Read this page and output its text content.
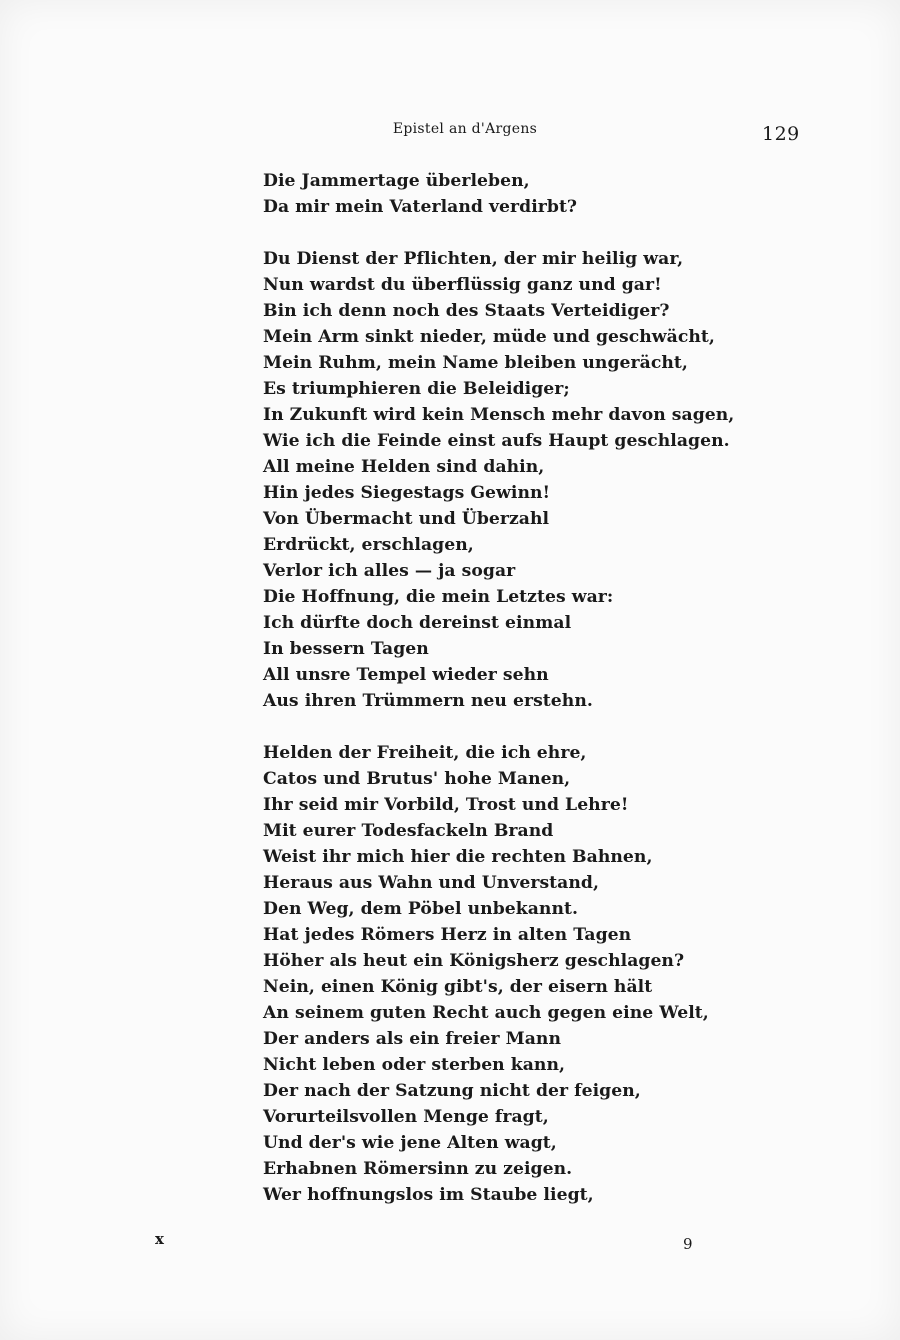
Epistel an d'Argens	129
Die Jammertage überleben,
Da mir mein Vaterland verdirbt?
Du Dienst der Pflichten, der mir heilig war,
Nun wardst du überflüssig ganz und gar!
Bin ich denn noch des Staats Verteidiger?
Mein Arm sinkt nieder, müde und geschwächt,
Mein Ruhm, mein Name bleiben ungerächt,
Es triumphieren die Beleidiger;
In Zukunft wird kein Mensch mehr davon sagen,
Wie ich die Feinde einst aufs Haupt geschlagen.
All meine Helden sind dahin,
Hin jedes Siegestags Gewinn!
Von Übermacht und Überzahl
Erdrückt, erschlagen,
Verlor ich alles — ja sogar
Die Hoffnung, die mein Letztes war:
Ich dürfte doch dereinst einmal
In bessern Tagen
All unsre Tempel wieder sehn
Aus ihren Trümmern neu erstehn.
Helden der Freiheit, die ich ehre,
Catos und Brutus' hohe Manen,
Ihr seid mir Vorbild, Trost und Lehre!
Mit eurer Todesfackeln Brand
Weist ihr mich hier die rechten Bahnen,
Heraus aus Wahn und Unverstand,
Den Weg, dem Pöbel unbekannt.
Hat jedes Römers Herz in alten Tagen
Höher als heut ein Königsherz geschlagen?
Nein, einen König gibt's, der eisern hält
An seinem guten Recht auch gegen eine Welt,
Der anders als ein freier Mann
Nicht leben oder sterben kann,
Der nach der Satzung nicht der feigen,
Vorurteilsvollen Menge fragt,
Und der's wie jene Alten wagt,
Erhabnen Römersinn zu zeigen.
Wer hoffnungslos im Staube liegt,
x	9
